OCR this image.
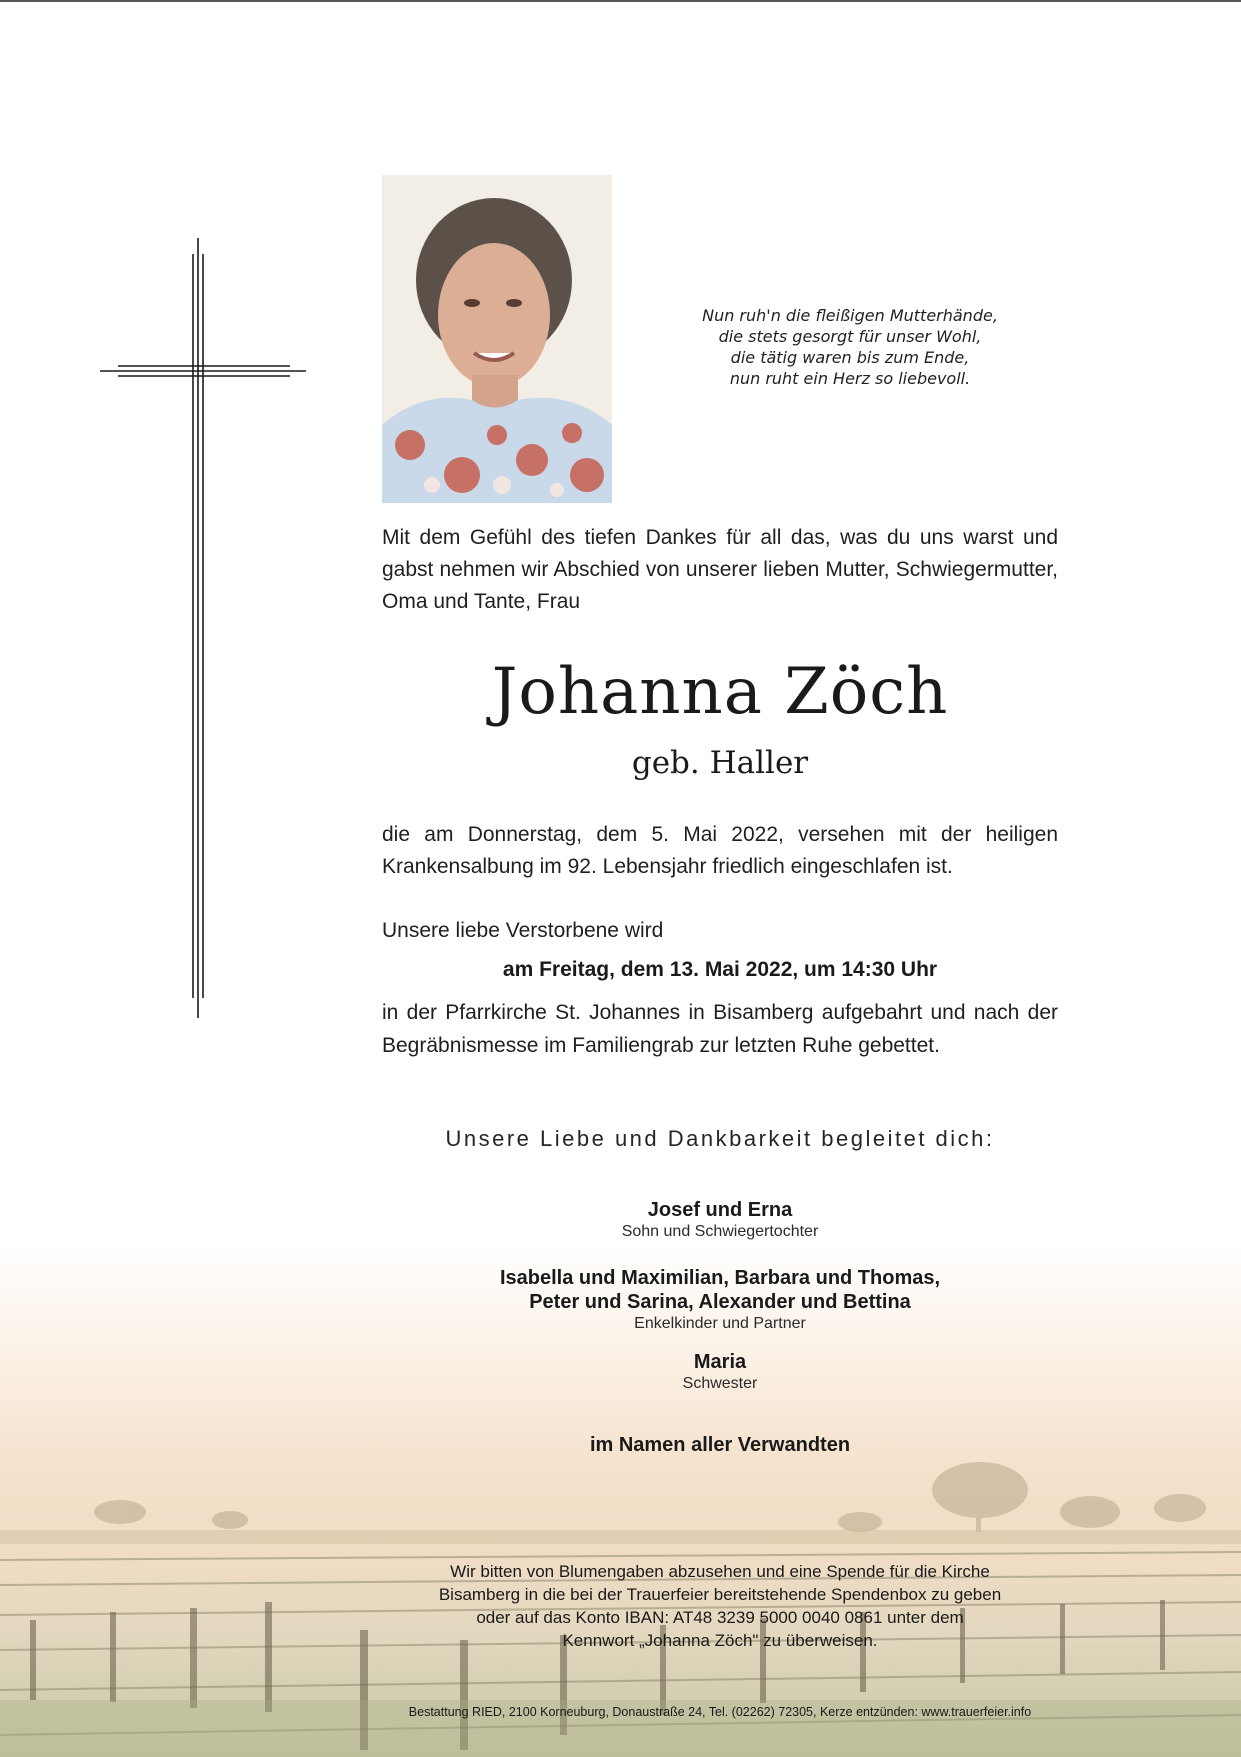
Nun ruh'n die fleißigen Mutterhände,
die stets gesorgt für unser Wohl,
die tätig waren bis zum Ende,
nun ruht ein Herz so liebevoll.
Mit dem Gefühl des tiefen Dankes für all das, was du uns warst und gabst nehmen wir Abschied von unserer lieben Mutter, Schwiegermutter, Oma und Tante, Frau
Johanna Zöch
geb. Haller
die am Donnerstag, dem 5. Mai 2022, versehen mit der heiligen Krankensalbung im 92. Lebensjahr friedlich eingeschlafen ist.
Unsere liebe Verstorbene wird
am Freitag, dem 13. Mai 2022, um 14:30 Uhr
in der Pfarrkirche St. Johannes in Bisamberg aufgebahrt und nach der Begräbnismesse im Familiengrab zur letzten Ruhe gebettet.
Unsere Liebe und Dankbarkeit begleitet dich:
Josef und Erna
Sohn und Schwiegertochter
Isabella und Maximilian, Barbara und Thomas,
Peter und Sarina, Alexander und Bettina
Enkelkinder und Partner
Maria
Schwester
im Namen aller Verwandten
Wir bitten von Blumengaben abzusehen und eine Spende für die Kirche
Bisamberg in die bei der Trauerfeier bereitstehende Spendenbox zu geben
oder auf das Konto IBAN: AT48 3239 5000 0040 0861 unter dem
Kennwort „Johanna Zöch" zu überweisen.
Bestattung RIED, 2100 Korneuburg, Donaustraße 24, Tel. (02262) 72305, Kerze entzünden: www.trauerfeier.info
